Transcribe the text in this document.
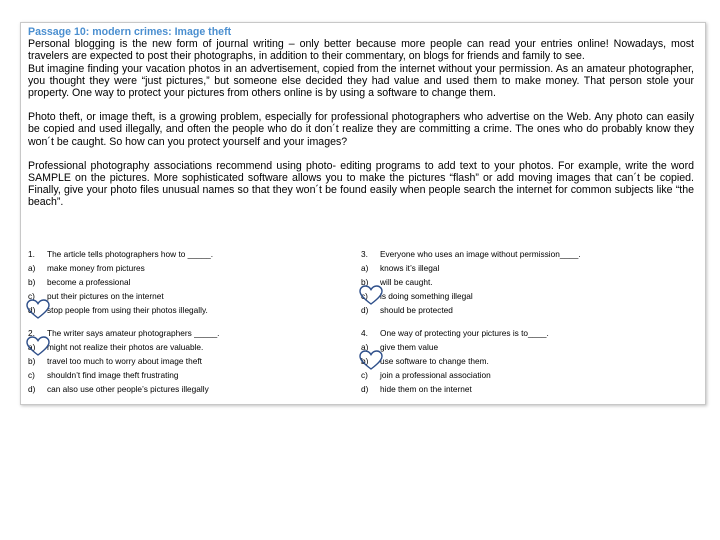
Passage 10: modern crimes: Image theft

Personal blogging is the new form of journal writing – only better because more people can read your entries online! Nowadays, most travelers are expected to post their photographs, in addition to their commentary, on blogs for friends and family to see.

But imagine finding your vacation photos in an advertisement, copied from the internet without your permission. As an amateur photographer, you thought they were “just pictures,” but someone else decided they had value and used them to make money. That person stole your property. One way to protect your pictures from others online is by using a software to change them.

Photo theft, or image theft, is a growing problem, especially for professional photographers who advertise on the Web. Any photo can easily be copied and used illegally, and often the people who do it don´t realize they are committing a crime. The ones who do probably know they won´t be caught. So how can you protect yourself and your images?

Professional photography associations recommend using photo- editing programs to add text to your photos. For example, write the word SAMPLE on the pictures. More sophisticated software allows you to make the pictures “flash” or add moving images that can´t be copied. Finally, give your photo files unusual names so that they won´t be found easily when people search the internet for common subjects like “the beach”.

1. The article tells photographers how to _____.
a) make money from pictures
b) become a professional
c) put their pictures on the internet
d) stop people from using their photos illegally.
2. The writer says amateur photographers _____.
a) might not realize their photos are valuable.
b) travel too much to worry about image theft
c) shouldn’t find image theft frustrating
d) can also use other people’s pictures illegally
3. Everyone who uses an image without permission____.
a) knows it’s illegal
b) will be caught.
c) is doing something illegal
d) should be protected
4. One way of protecting your pictures is to____.
a) give them value
b) use software to change them.
c) join a professional association
d) hide them on the internet
